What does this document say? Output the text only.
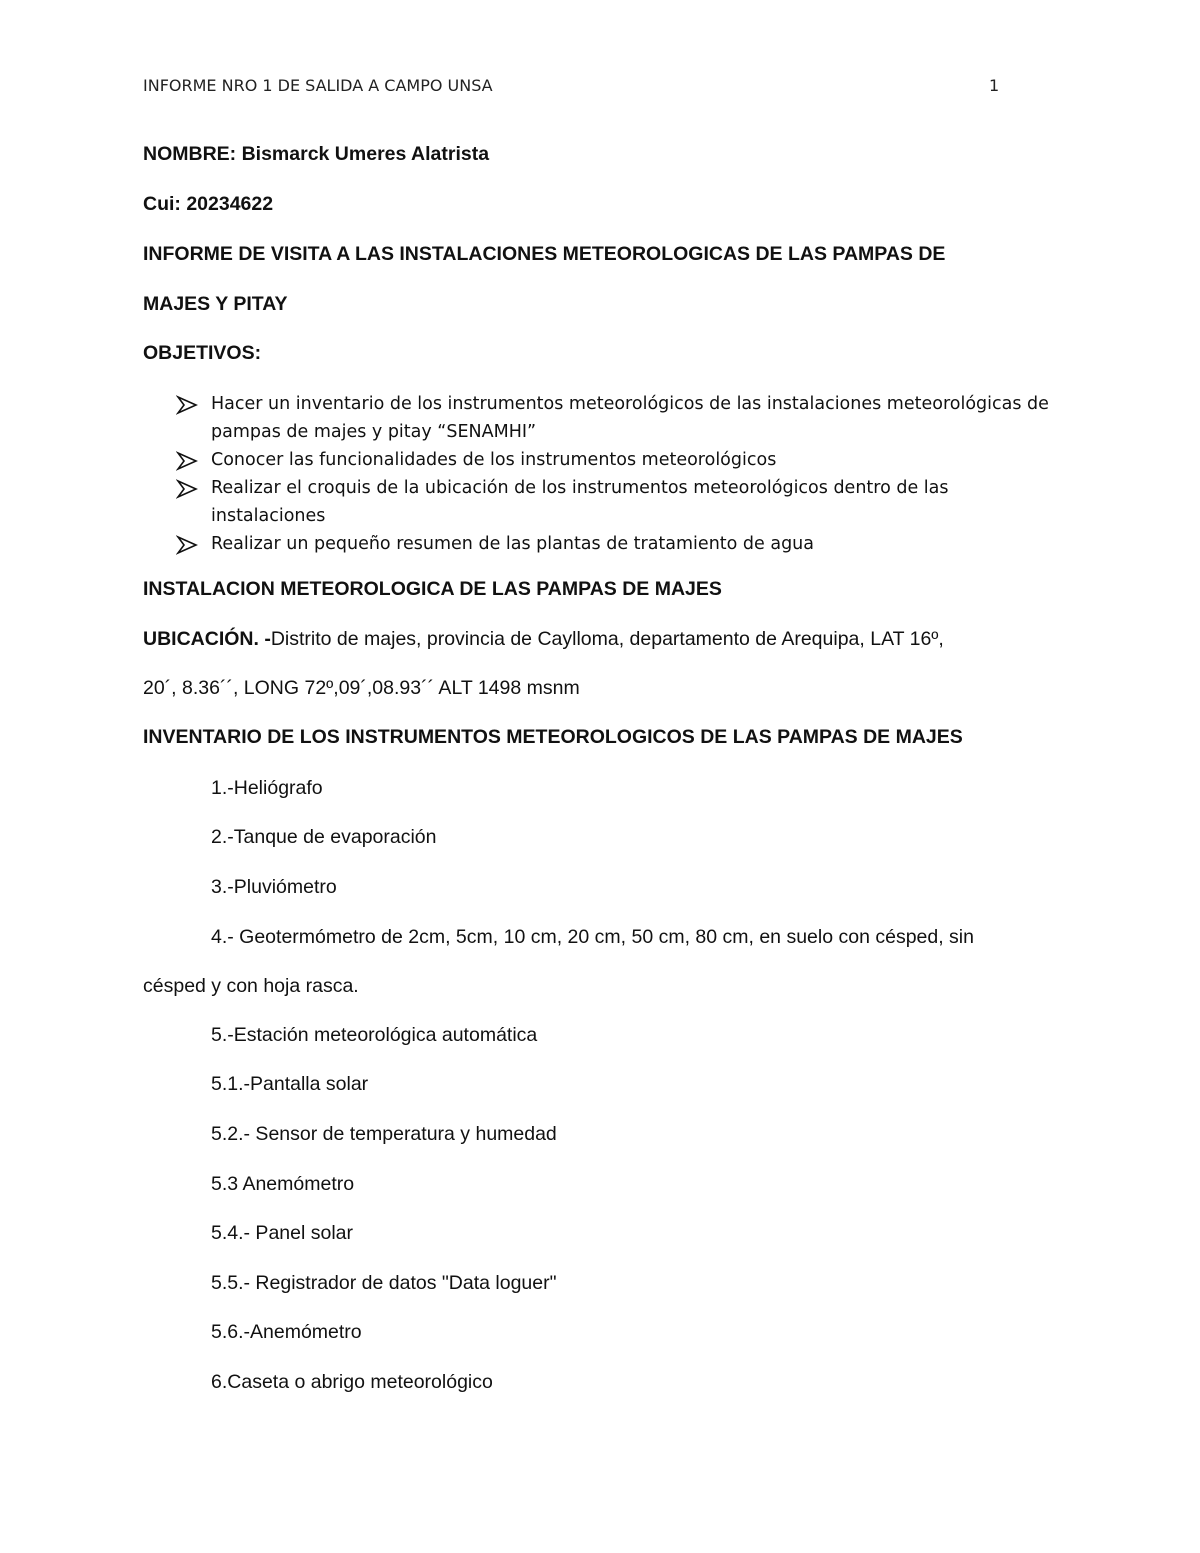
INFORME NRO 1 DE SALIDA A CAMPO UNSA	1
NOMBRE: Bismarck Umeres Alatrista
Cui: 20234622
INFORME DE VISITA A LAS INSTALACIONES METEOROLOGICAS DE LAS PAMPAS DE
MAJES Y PITAY
OBJETIVOS:
Hacer un inventario de los instrumentos meteorológicos de las instalaciones meteorológicas de
pampas de majes y pitay “SENAMHI”
Conocer las funcionalidades de los instrumentos meteorológicos
Realizar el croquis de la ubicación de los instrumentos meteorológicos dentro de las
instalaciones
Realizar un pequeño resumen de las plantas de tratamiento de agua
INSTALACION METEOROLOGICA DE LAS PAMPAS DE MAJES
UBICACIÓN. -Distrito de majes, provincia de Caylloma, departamento de Arequipa, LAT 16º,
20´, 8.36´´, LONG 72º,09´,08.93´´ ALT 1498 msnm
INVENTARIO DE LOS INSTRUMENTOS METEOROLOGICOS DE LAS PAMPAS DE MAJES
1.-Heliógrafo
2.-Tanque de evaporación
3.-Pluviómetro
4.- Geotermómetro de 2cm, 5cm, 10 cm, 20 cm, 50 cm, 80 cm, en suelo con césped, sin
césped y con hoja rasca.
5.-Estación meteorológica automática
5.1.-Pantalla solar
5.2.- Sensor de temperatura y humedad
5.3 Anemómetro
5.4.- Panel solar
5.5.- Registrador de datos "Data loguer"
5.6.-Anemómetro
6.Caseta o abrigo meteorológico
